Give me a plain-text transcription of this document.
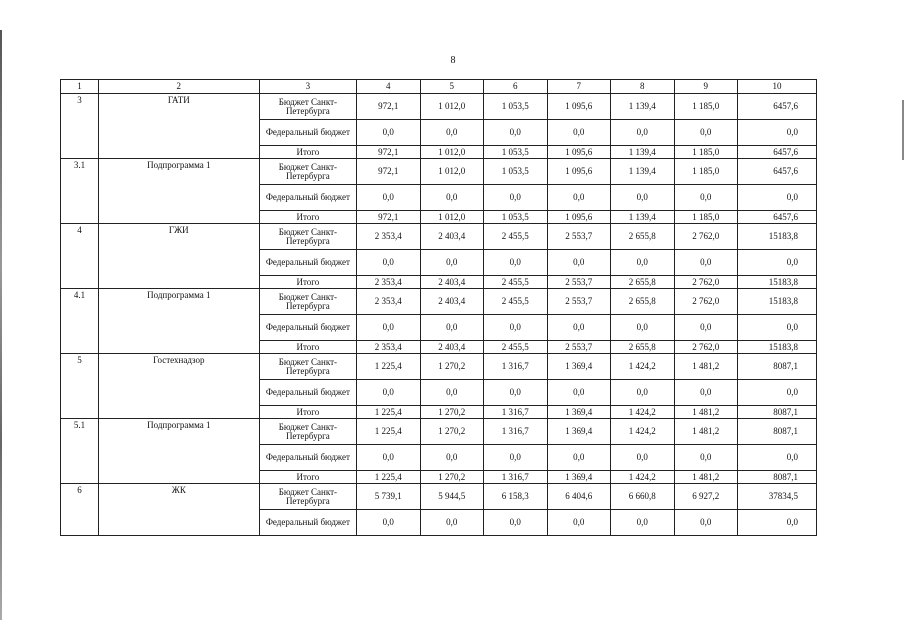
8
1	2	3	4	5	6	7	8	9	10
3	ГАТИ	Бюджет Санкт-Петербурга	972,1	1 012,0	1 053,5	1 095,6	1 139,4	1 185,0	6457,6
		Федеральный бюджет	0,0	0,0	0,0	0,0	0,0	0,0	0,0
		Итого	972,1	1 012,0	1 053,5	1 095,6	1 139,4	1 185,0	6457,6
3.1	Подпрограмма 1	Бюджет Санкт-Петербурга	972,1	1 012,0	1 053,5	1 095,6	1 139,4	1 185,0	6457,6
		Федеральный бюджет	0,0	0,0	0,0	0,0	0,0	0,0	0,0
		Итого	972,1	1 012,0	1 053,5	1 095,6	1 139,4	1 185,0	6457,6
4	ГЖИ	Бюджет Санкт-Петербурга	2 353,4	2 403,4	2 455,5	2 553,7	2 655,8	2 762,0	15183,8
		Федеральный бюджет	0,0	0,0	0,0	0,0	0,0	0,0	0,0
		Итого	2 353,4	2 403,4	2 455,5	2 553,7	2 655,8	2 762,0	15183,8
4.1	Подпрограмма 1	Бюджет Санкт-Петербурга	2 353,4	2 403,4	2 455,5	2 553,7	2 655,8	2 762,0	15183,8
		Федеральный бюджет	0,0	0,0	0,0	0,0	0,0	0,0	0,0
		Итого	2 353,4	2 403,4	2 455,5	2 553,7	2 655,8	2 762,0	15183,8
5	Гостехнадзор	Бюджет Санкт-Петербурга	1 225,4	1 270,2	1 316,7	1 369,4	1 424,2	1 481,2	8087,1
		Федеральный бюджет	0,0	0,0	0,0	0,0	0,0	0,0	0,0
		Итого	1 225,4	1 270,2	1 316,7	1 369,4	1 424,2	1 481,2	8087,1
5.1	Подпрограмма 1	Бюджет Санкт-Петербурга	1 225,4	1 270,2	1 316,7	1 369,4	1 424,2	1 481,2	8087,1
		Федеральный бюджет	0,0	0,0	0,0	0,0	0,0	0,0	0,0
		Итого	1 225,4	1 270,2	1 316,7	1 369,4	1 424,2	1 481,2	8087,1
6	ЖК	Бюджет Санкт-Петербурга	5 739,1	5 944,5	6 158,3	6 404,6	6 660,8	6 927,2	37834,5
		Федеральный бюджет	0,0	0,0	0,0	0,0	0,0	0,0	0,0
